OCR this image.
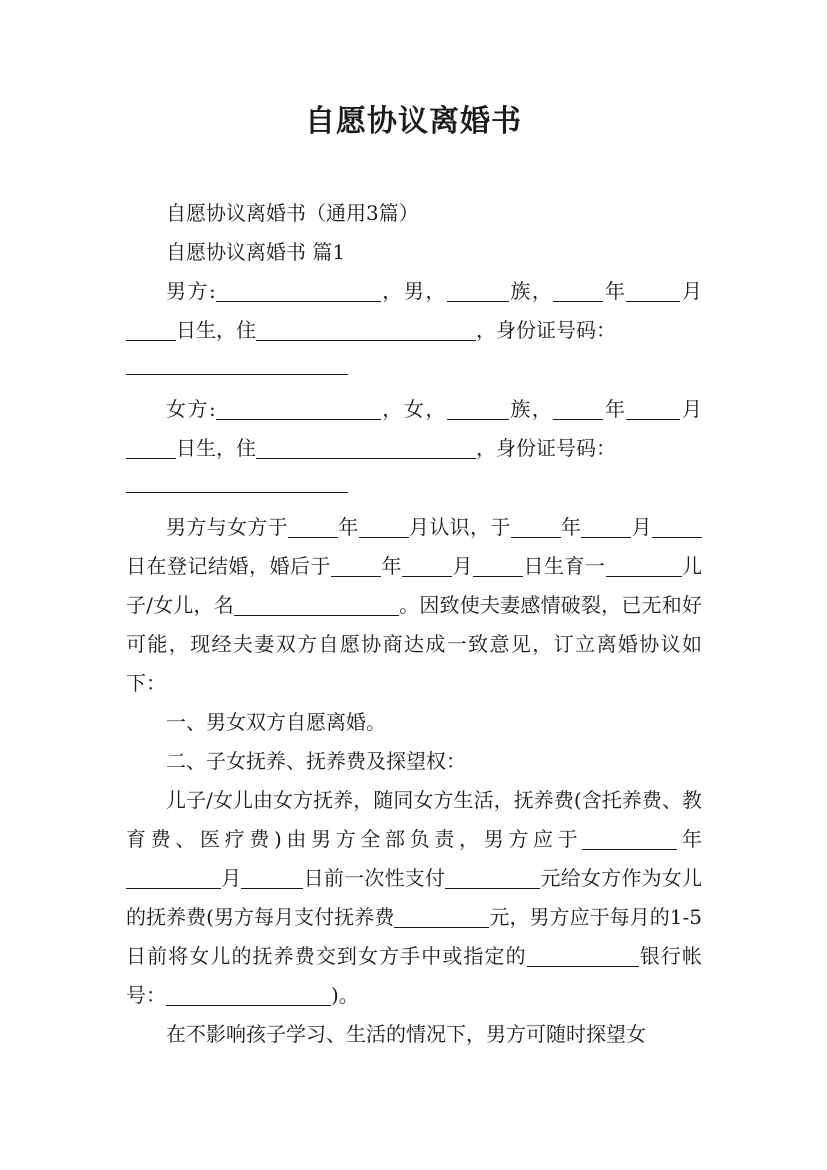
自愿协议离婚书

自愿协议离婚书（通用3篇）

自愿协议离婚书 篇1

男方:	，男，	族，	年	月日生，住	，身份证号码：

女方:	，女，	族，	年	月日生，住	，身份证号码：

男方与女方于	年	月认识，于	年	月日在登记结婚，婚后于	年	月	日生育一	儿子/女儿，名	。因致使夫妻感情破裂，已无和好可能，现经夫妻双方自愿协商达成一致意见，订立离婚协议如下：

一、男女双方自愿离婚。

二、子女抚养、抚养费及探望权：

儿子/女儿由女方抚养，随同女方生活，抚养费(含托养费、教育费、医疗费)由男方全部负责，男方应于	年月	日前一次性支付	元给女方作为女儿的抚养费(男方每月支付抚养费	元，男方应于每月的1-5日前将女儿的抚养费交到女方手中或指定的	银行帐号：	)。

在不影响孩子学习、生活的情况下，男方可随时探望女
